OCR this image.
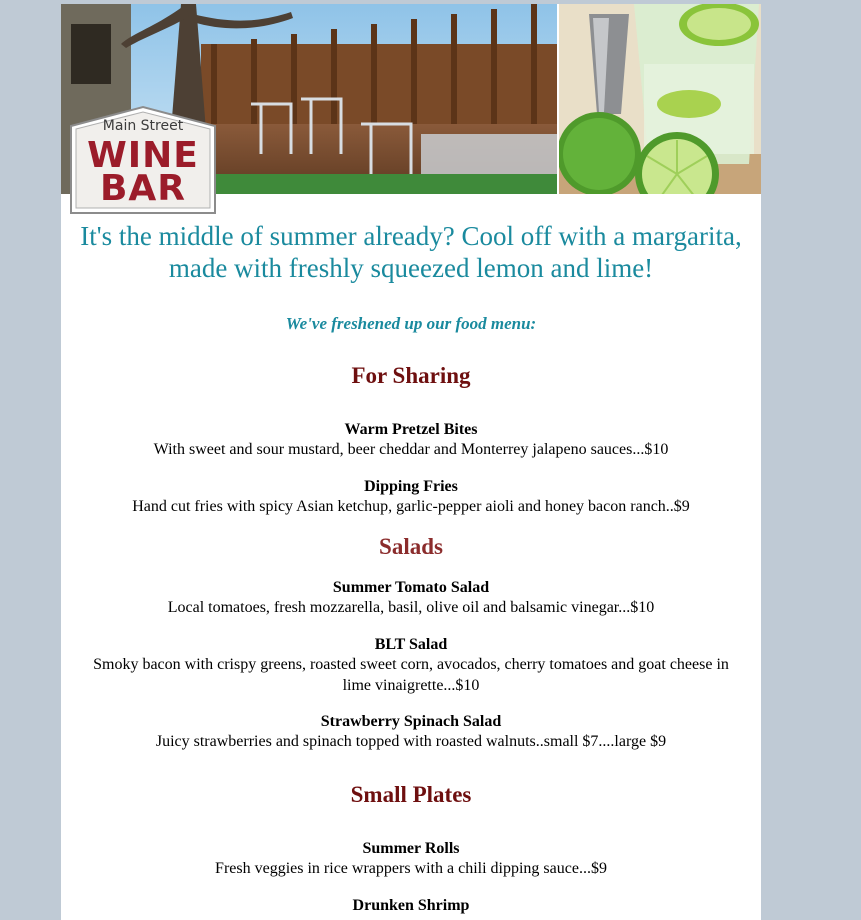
Main Street
WINE
BAR
It's the middle of summer already? Cool off with a margarita, made with freshly squeezed lemon and lime!
We've freshened up our food menu:
For Sharing
Warm Pretzel Bites
With sweet and sour mustard, beer cheddar and Monterrey jalapeno sauces...$10
Dipping Fries
Hand cut fries with spicy Asian ketchup, garlic-pepper aioli and honey bacon ranch..$9
Salads
Summer Tomato Salad
Local tomatoes, fresh mozzarella, basil, olive oil and balsamic vinegar...$10
BLT Salad
Smoky bacon with crispy greens, roasted sweet corn, avocados, cherry tomatoes and goat cheese in lime vinaigrette...$10
Strawberry Spinach Salad
Juicy strawberries and spinach topped with roasted walnuts..small $7....large $9
Small Plates
Summer Rolls
Fresh veggies in rice wrappers with a chili dipping sauce...$9
Drunken Shrimp
